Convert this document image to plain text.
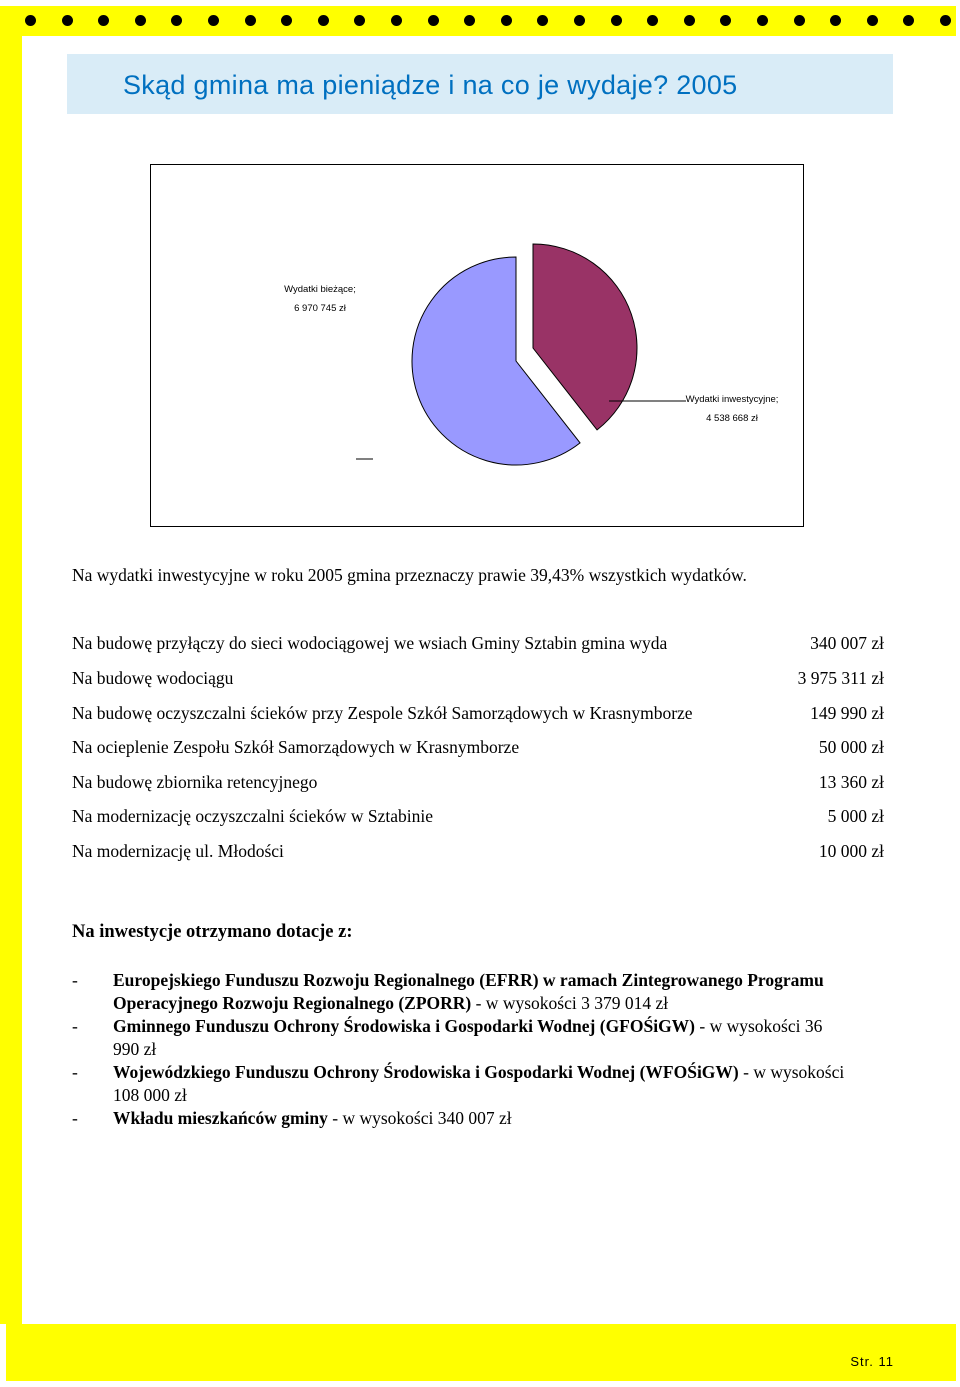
Skąd gmina ma pieniądze i na co je wydaje? 2005
Wydatki bieżące;
6 970 745 zł
Wydatki inwestycyjne;
4 538 668 zł
Na wydatki inwestycyjne w roku 2005 gmina przeznaczy prawie 39,43% wszystkich wydatków.
Na budowę przyłączy do sieci wodociągowej we wsiach Gminy Sztabin gmina wyda	340 007 zł
Na budowę wodociągu	3 975 311 zł
Na budowę oczyszczalni ścieków przy Zespole Szkół Samorządowych w Krasnymborze	149 990 zł
Na ocieplenie Zespołu Szkół Samorządowych w Krasnymborze	50 000 zł
Na budowę zbiornika retencyjnego	13 360 zł
Na modernizację oczyszczalni ścieków w Sztabinie	5 000 zł
Na modernizację ul. Młodości	10 000 zł
Na inwestycje otrzymano dotacje z:
- Europejskiego Funduszu Rozwoju Regionalnego (EFRR) w ramach Zintegrowanego Programu Operacyjnego Rozwoju Regionalnego (ZPORR) - w wysokości 3 379 014 zł
- Gminnego Funduszu Ochrony Środowiska i Gospodarki Wodnej (GFOŚiGW) - w wysokości 36 990 zł
- Wojewódzkiego Funduszu Ochrony Środowiska i Gospodarki Wodnej (WFOŚiGW) - w wysokości 108 000 zł
- Wkładu mieszkańców gminy - w wysokości 340 007 zł
Str. 11
